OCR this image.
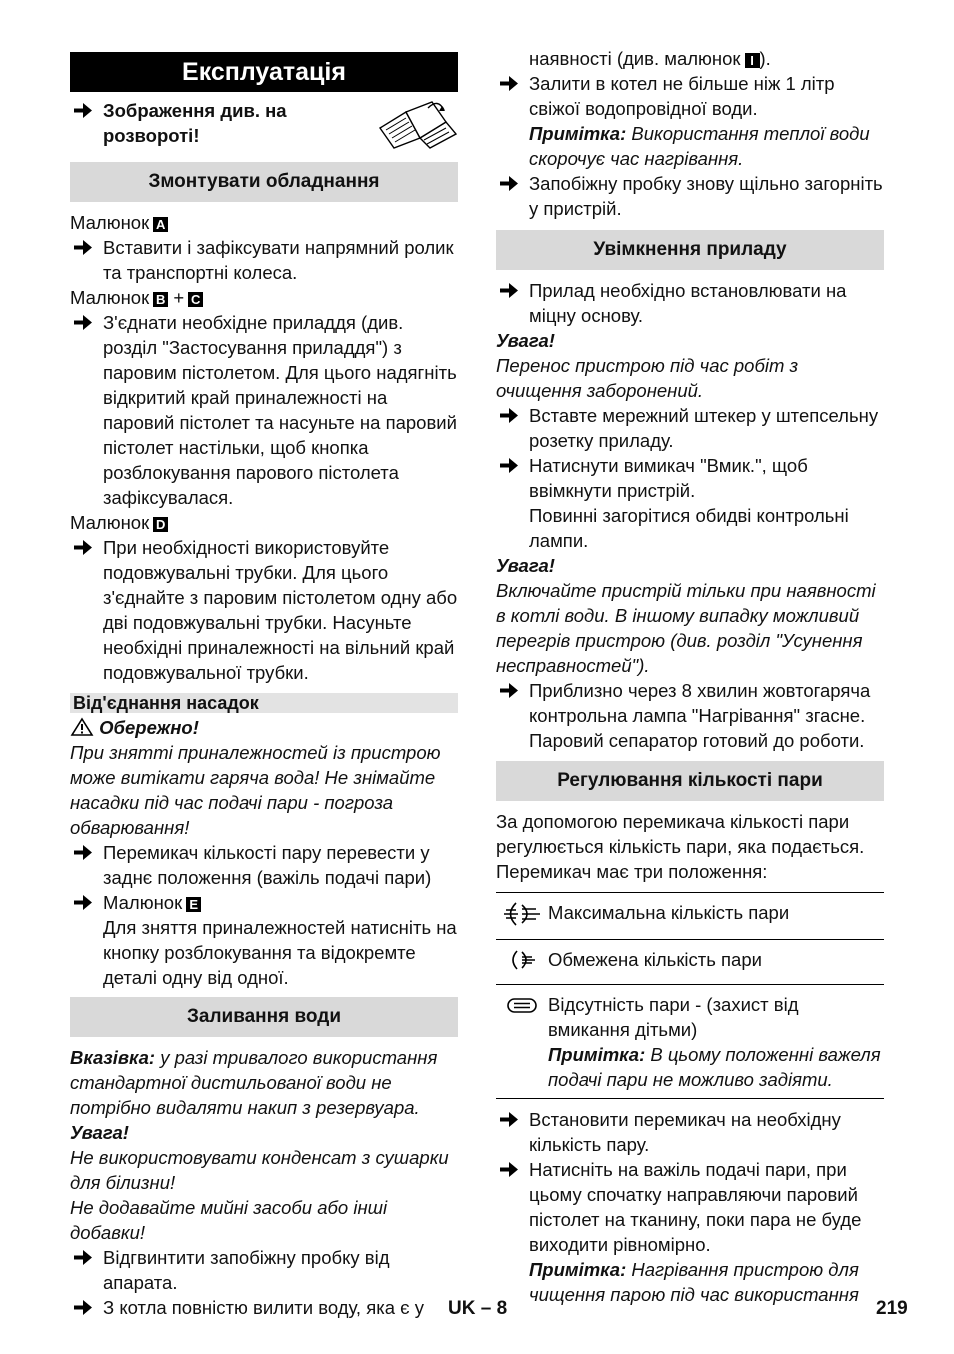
Експлуатація

Зображення див. на розвороті!

Змонтувати обладнання

Малюнок A

Вставити і зафіксувати напрямний ролик та транспортні колеса.

Малюнок B + C

З'єднати необхідне приладдя (див. розділ "Застосування приладдя") з паровим пістолетом. Для цього надягніть відкритий край приналежності на паровий пістолет та насуньте на паровий пістолет настільки, щоб кнопка розблокування парового пістолета зафіксувалася.

Малюнок D

При необхідності використовуйте подовжувальні трубки. Для цього з'єднайте з паровим пістолетом одну або дві подовжувальні трубки. Насуньте необхідні приналежності на вільний край подовжувальної трубки.

Від'єднання насадок

Обережно!

При знятті приналежностей із пристрою може витікати гаряча вода! Не знімайте насадки під час подачі пари - погроза обварювання!

Перемикач кількості пару перевести у заднє положення (важіль подачі пари)

Малюнок E

Для зняття приналежностей натисніть на кнопку розблокування та відокремте деталі одну від одної.

Заливання води

Вказівка: у разі тривалого використання стандартної дистильованої води не потрібно видаляти накип з резервуара.

Увага!

Не використовувати конденсат з сушарки для білизни!

Не додавайте мийні засоби або інші добавки!

Відгвинтити запобіжну пробку від апарата.

З котла повністю вилити воду, яка є у

наявності (див. малюнок I ).

Залити в котел не більше ніж 1 літр свіжої водопровідної води.

Примітка: Використання теплої води скорочує час нагрівання.

Запобіжну пробку знову щільно загорніть у пристрій.

Увімкнення приладу

Прилад необхідно встановлювати на міцну основу.

Увага!

Перенос пристрою під час робіт з очищення заборонений.

Вставте мережний штекер у штепсельну розетку приладу.

Натиснути вимикач "Вмик.", щоб ввімкнути пристрій.

Повинні загорітися обидві контрольні лампи.

Увага!

Включайте пристрій тільки при наявності в котлі води. В іншому випадку можливий перегрів пристрою (див. розділ "Усунення несправностей").

Приблизно через 8 хвилин жовтогаряча контрольна лампа "Нагрівання" згасне. Паровий сепаратор готовий до роботи.

Регулювання кількості пари

За допомогою перемикача кількості пари регулюється кількість пари, яка подається. Перемикач має три положення:

Максимальна кількість пари

Обмежена кількість пари

Відсутність пари - (захист від вмикання дітьми)

Примітка: В цьому положенні важеля подачі пари не можливо задіяти.

Встановити перемикач на необхідну кількість пару.

Натисніть на важіль подачі пари, при цьому спочатку направляючи паровий пістолет на тканину, поки пара не буде виходити рівномірно.

Примітка: Нагрівання пристрою для чищення парою під час використання

UK – 8	219
